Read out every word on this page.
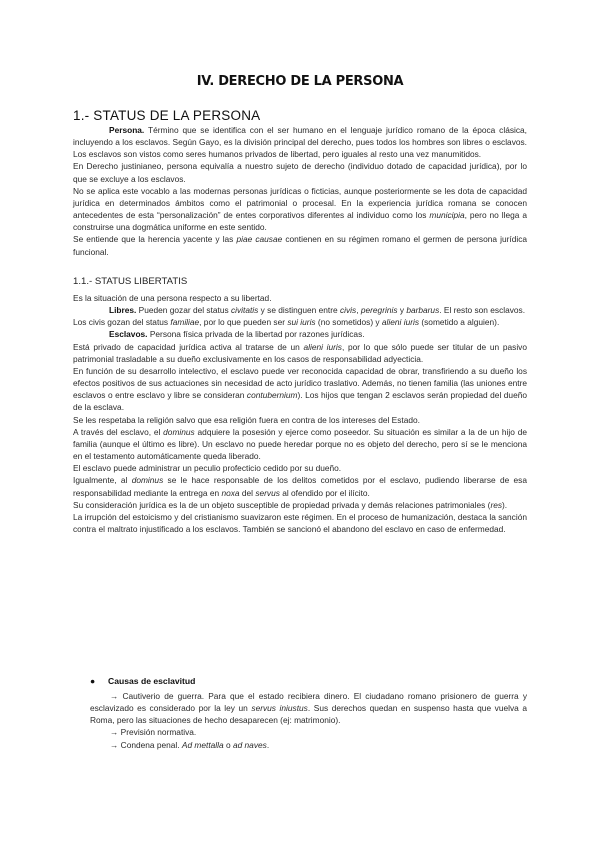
IV. DERECHO DE LA PERSONA
1.- STATUS DE LA PERSONA

Persona. Término que se identifica con el ser humano en el lenguaje jurídico romano de la época clásica, incluyendo a los esclavos. Según Gayo, es la división principal del derecho, pues todos los hombres son libres o esclavos. Los esclavos son vistos como seres humanos privados de libertad, pero iguales al resto una vez manumitidos.

En Derecho justinianeo, persona equivalía a nuestro sujeto de derecho (individuo dotado de capacidad jurídica), por lo que se excluye a los esclavos.

No se aplica este vocablo a las modernas personas jurídicas o ficticias, aunque posteriormente se les dota de capacidad jurídica en determinados ámbitos como el patrimonial o procesal. En la experiencia jurídica romana se conocen antecedentes de esta “personalización” de entes corporativos diferentes al individuo como los municipia, pero no llega a construirse una dogmática uniforme en este sentido.

Se entiende que la herencia yacente y las piae causae contienen en su régimen romano el germen de persona jurídica funcional.

1.1.- STATUS LIBERTATIS

Es la situación de una persona respecto a su libertad.

Libres. Pueden gozar del status civitatis y se distinguen entre civis, peregrinis y barbarus. El resto son esclavos.

Los civis gozan del status familiae, por lo que pueden ser sui iuris (no sometidos) y alieni iuris (sometido a alguien).

Esclavos. Persona física privada de la libertad por razones jurídicas.

Está privado de capacidad jurídica activa al tratarse de un alieni iuris, por lo que sólo puede ser titular de un pasivo patrimonial trasladable a su dueño exclusivamente en los casos de responsabilidad adyecticia.

En función de su desarrollo intelectivo, el esclavo puede ver reconocida capacidad de obrar, transfiriendo a su dueño los efectos positivos de sus actuaciones sin necesidad de acto jurídico traslativo. Además, no tienen familia (las uniones entre esclavos o entre esclavo y libre se consideran contubernium). Los hijos que tengan 2 esclavos serán propiedad del dueño de la esclava.

Se les respetaba la religión salvo que esa religión fuera en contra de los intereses del Estado.

A través del esclavo, el dominus adquiere la posesión y ejerce como poseedor. Su situación es similar a la de un hijo de familia (aunque el último es libre). Un esclavo no puede heredar porque no es objeto del derecho, pero sí se le menciona en el testamento automáticamente queda liberado.

El esclavo puede administrar un peculio profecticio cedido por su dueño.

Igualmente, al dominus se le hace responsable de los delitos cometidos por el esclavo, pudiendo liberarse de esa responsabilidad mediante la entrega en noxa del servus al ofendido por el ilícito.

Su consideración jurídica es la de un objeto susceptible de propiedad privada y demás relaciones patrimoniales (res).

La irrupción del estoicismo y del cristianismo suavizaron este régimen. En el proceso de humanización, destaca la sanción contra el maltrato injustificado a los esclavos. También se sancionó el abandono del esclavo en caso de enfermedad.

● Causas de esclavitud

→ Cautiverio de guerra. Para que el estado recibiera dinero. El ciudadano romano prisionero de guerra y esclavizado es considerado por la ley un servus iniustus. Sus derechos quedan en suspenso hasta que vuelva a Roma, pero las situaciones de hecho desaparecen (ej: matrimonio).

→ Previsión normativa.

→ Condena penal. Ad mettalla o ad naves.
